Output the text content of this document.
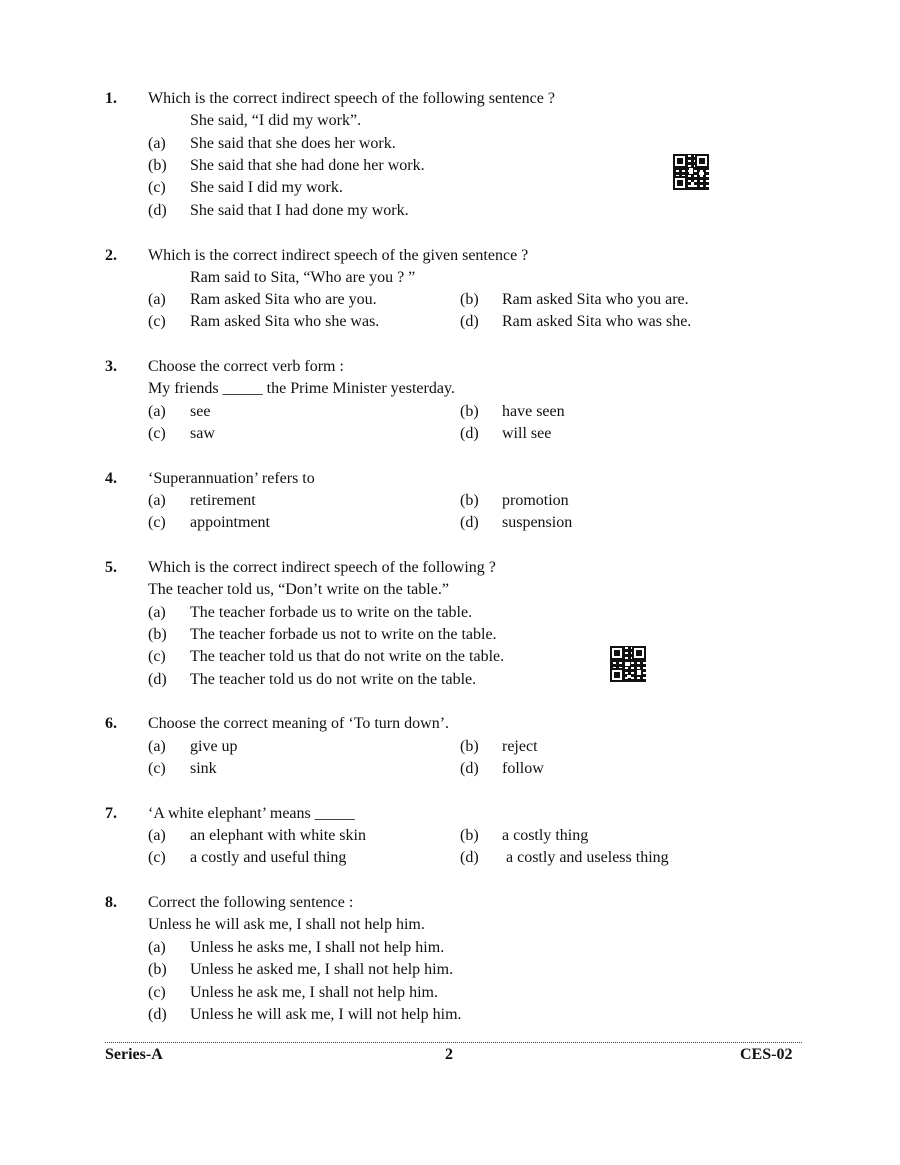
1. Which is the correct indirect speech of the following sentence ?
She said, “I did my work”.
(a) She said that she does her work.
(b) She said that she had done her work.
(c) She said I did my work.
(d) She said that I had done my work.
2. Which is the correct indirect speech of the given sentence ?
Ram said to Sita, “Who are you ? ”
(a) Ram asked Sita who are you.	(b) Ram asked Sita who you are.
(c) Ram asked Sita who she was.	(d) Ram asked Sita who was she.
3. Choose the correct verb form :
My friends _____ the Prime Minister yesterday.
(a) see	(b) have seen
(c) saw	(d) will see
4. ‘Superannuation’ refers to
(a) retirement	(b) promotion
(c) appointment	(d) suspension
5. Which is the correct indirect speech of the following ?
The teacher told us, “Don’t write on the table.”
(a) The teacher forbade us to write on the table.
(b) The teacher forbade us not to write on the table.
(c) The teacher told us that do not write on the table.
(d) The teacher told us do not write on the table.
6. Choose the correct meaning of ‘To turn down’.
(a) give up	(b) reject
(c) sink	(d) follow
7. ‘A white elephant’ means _____
(a) an elephant with white skin	(b) a costly thing
(c) a costly and useful thing	(d) a costly and useless thing
8. Correct the following sentence :
Unless he will ask me, I shall not help him.
(a) Unless he asks me, I shall not help him.
(b) Unless he asked me, I shall not help him.
(c) Unless he ask me, I shall not help him.
(d) Unless he will ask me, I will not help him.
Series-A	2	CES-02
